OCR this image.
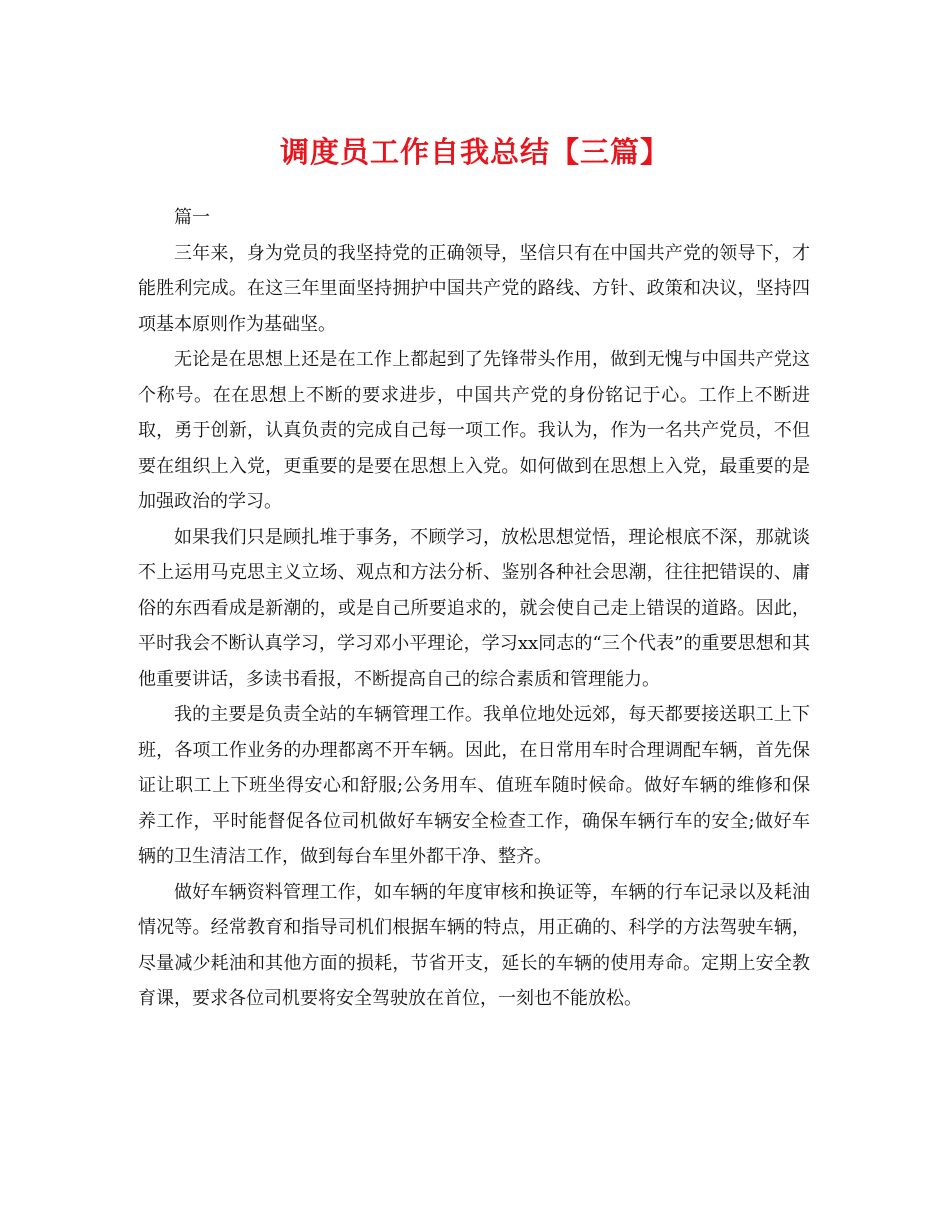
调度员工作自我总结【三篇】

篇一

三年来，身为党员的我坚持党的正确领导，坚信只有在中国共产党的领导下，才能胜利完成。在这三年里面坚持拥护中国共产党的路线、方针、政策和决议，坚持四项基本原则作为基础坚。

无论是在思想上还是在工作上都起到了先锋带头作用，做到无愧与中国共产党这个称号。在在思想上不断的要求进步，中国共产党的身份铭记于心。工作上不断进取，勇于创新，认真负责的完成自己每一项工作。我认为，作为一名共产党员，不但要在组织上入党，更重要的是要在思想上入党。如何做到在思想上入党，最重要的是加强政治的学习。

如果我们只是顾扎堆于事务，不顾学习，放松思想觉悟，理论根底不深，那就谈不上运用马克思主义立场、观点和方法分析、鉴别各种社会思潮，往往把错误的、庸俗的东西看成是新潮的，或是自己所要追求的，就会使自己走上错误的道路。因此，平时我会不断认真学习，学习邓小平理论，学习xx同志的“三个代表”的重要思想和其他重要讲话，多读书看报，不断提高自己的综合素质和管理能力。

我的主要是负责全站的车辆管理工作。我单位地处远郊，每天都要接送职工上下班，各项工作业务的办理都离不开车辆。因此，在日常用车时合理调配车辆，首先保证让职工上下班坐得安心和舒服;公务用车、值班车随时候命。做好车辆的维修和保养工作，平时能督促各位司机做好车辆安全检查工作，确保车辆行车的安全;做好车辆的卫生清洁工作，做到每台车里外都干净、整齐。

做好车辆资料管理工作，如车辆的年度审核和换证等，车辆的行车记录以及耗油情况等。经常教育和指导司机们根据车辆的特点，用正确的、科学的方法驾驶车辆，尽量减少耗油和其他方面的损耗，节省开支，延长的车辆的使用寿命。定期上安全教育课，要求各位司机要将安全驾驶放在首位，一刻也不能放松。
